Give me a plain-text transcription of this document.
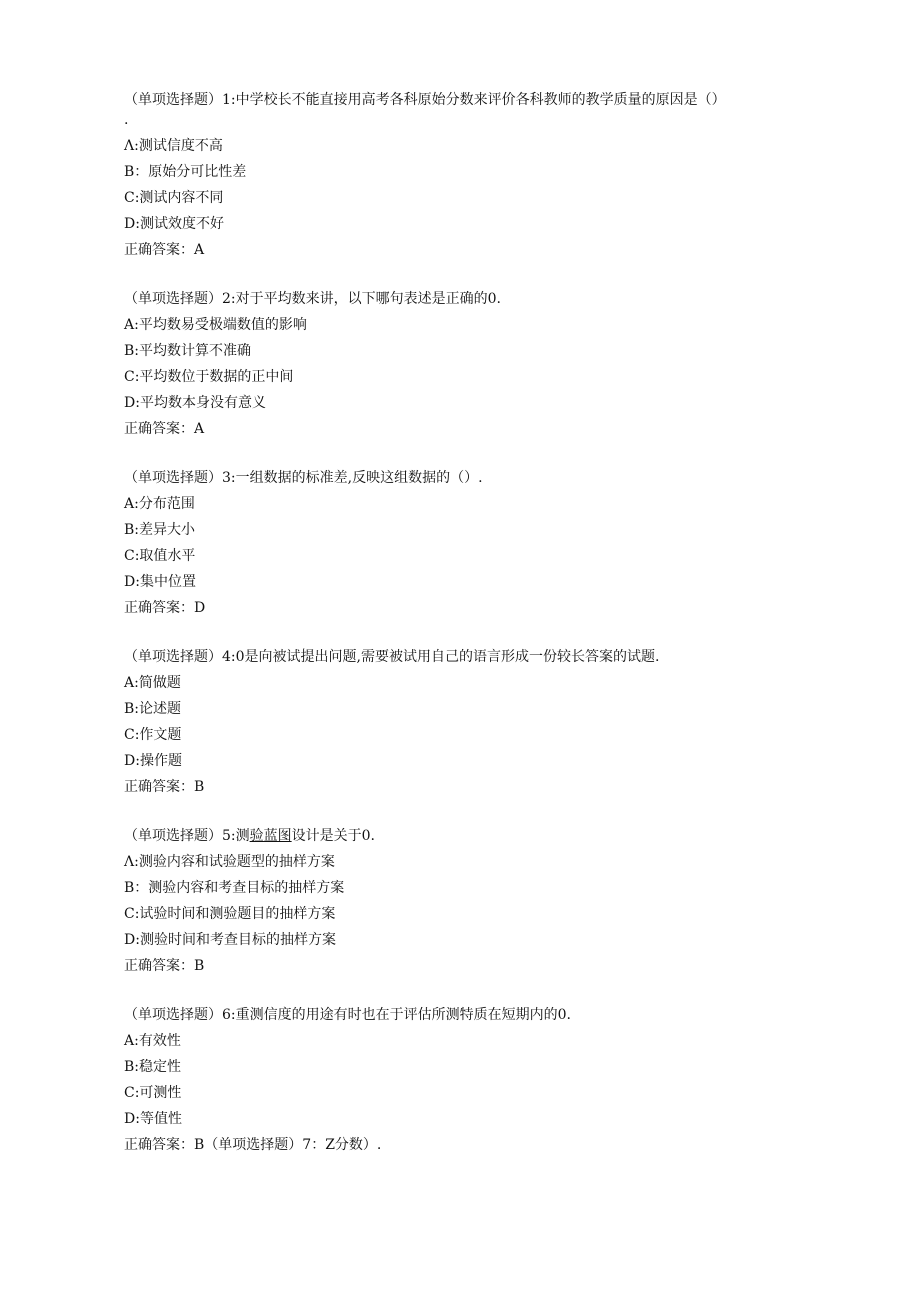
（单项选择题）1:中学校长不能直接用高考各科原始分数来评价各科教师的教学质量的原因是（）
.
Λ:测试信度不高
B：原始分可比性差
C:测试内容不同
D:测试效度不好
正确答案：A
（单项选择题）2:对于平均数来讲，以下哪句表述是正确的0.
A:平均数易受极端数值的影响
B:平均数计算不准确
C:平均数位于数据的正中间
D:平均数本身没有意义
正确答案：A
（单项选择题）3:一组数据的标准差,反映这组数据的（）.
A:分布范围
B:差异大小
C:取值水平
D:集中位置
正确答案：D
（单项选择题）4:0是向被试提出问题,需要被试用自己的语言形成一份较长答案的试题.
A:简做题
B:论述题
C:作文题
D:操作题
正确答案：B
（单项选择题）5:测验蓝图设计是关于0.
Λ:测验内容和试验题型的抽样方案
B：测验内容和考查目标的抽样方案
C:试验时间和测验题目的抽样方案
D:测验时间和考查目标的抽样方案
正确答案：B
（单项选择题）6:重测信度的用途有时也在于评估所测特质在短期内的0.
A:有效性
B:稳定性
C:可测性
D:等值性
正确答案：B（单项选择题）7：Z分数）.
